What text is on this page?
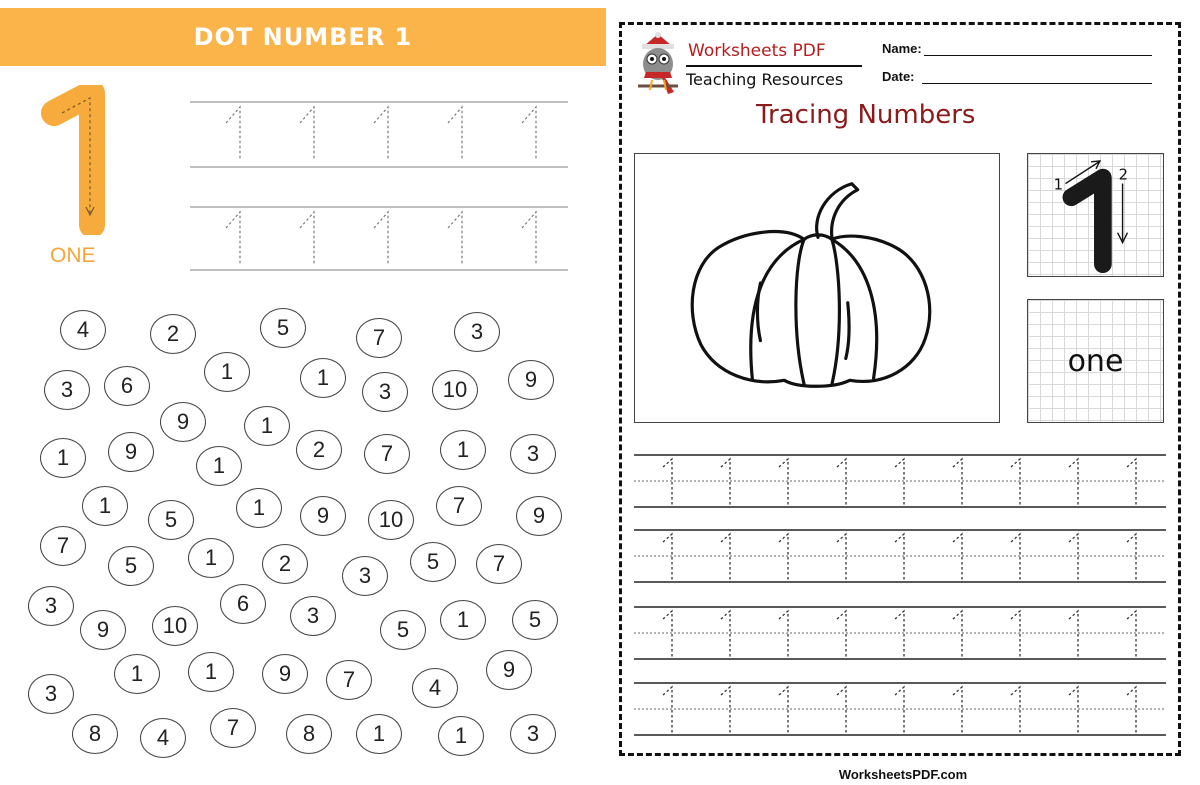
DOT NUMBER 1
ONE
4	2	5	7	3
3	6
1	1
3	10	9
9	1
1	9
1
2	7	1	3
1
5	1	9	10
7	9
7
5	1	2	3
5	7
3
9	10
6	3
5	1	5
3
1	1	9	7	4
9
8	4	7	8	1	1	3
Worksheets PDF
Teaching Resources
Name:
Date:
Tracing Numbers
1
2
one
WorksheetsPDF.com
